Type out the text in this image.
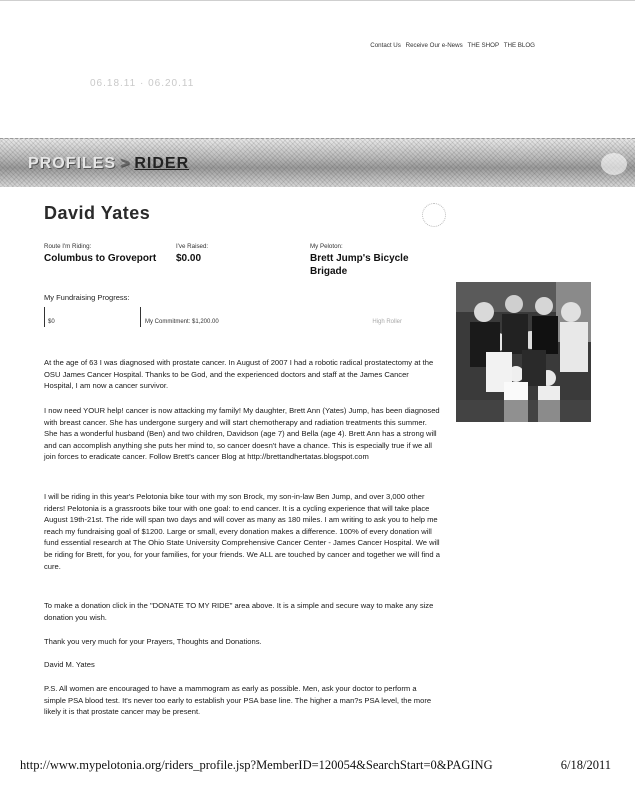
Contact Us Receive Our e-News THE SHOP THE BLOG
06.18.11 · 06.20.11
PROFILES > RIDER
David Yates
Route I'm Riding:
Columbus to Groveport
I've Raised:
$0.00
My Peloton:
Brett Jump's Bicycle Brigade
My Fundraising Progress:
$0	My Commitment: $1,200.00	High Roller
At the age of 63 I was diagnosed with prostate cancer. In August of 2007 I had a robotic radical prostatectomy at the OSU James Cancer Hospital. Thanks to be God, and the experienced doctors and staff at the James Cancer Hospital, I am now a cancer survivor.
I now need YOUR help! cancer is now attacking my family! My daughter, Brett Ann (Yates) Jump, has been diagnosed with breast cancer. She has undergone surgery and will start chemotherapy and radiation treatments this summer. She has a wonderful husband (Ben) and two children, Davidson (age 7) and Bella (age 4). Brett Ann has a strong will and can accomplish anything she puts her mind to, so cancer doesn't have a chance. This is especially true if we all join forces to eradicate cancer. Follow Brett's cancer Blog at http://brettandhertatas.blogspot.com
I will be riding in this year's Pelotonia bike tour with my son Brock, my son-in-law Ben Jump, and over 3,000 other riders! Pelotonia is a grassroots bike tour with one goal: to end cancer. It is a cycling experience that will take place August 19th-21st. The ride will span two days and will cover as many as 180 miles. I am writing to ask you to help me reach my fundraising goal of $1200. Large or small, every donation makes a difference. 100% of every donation will fund essential research at The Ohio State University Comprehensive Cancer Center - James Cancer Hospital. We will be riding for Brett, for you, for your families, for your friends. We ALL are touched by cancer and together we will find a cure.
To make a donation click in the "DONATE TO MY RIDE" area above. It is a simple and secure way to make any size donation you wish.
Thank you very much for your Prayers, Thoughts and Donations.
David M. Yates
P.S. All women are encouraged to have a mammogram as early as possible. Men, ask your doctor to perform a simple PSA blood test. It's never too early to establish your PSA base line. The higher a man?s PSA level, the more likely it is that prostate cancer may be present.
http://www.mypelotonia.org/riders_profile.jsp?MemberID=120054&SearchStart=0&PAGING	6/18/2011
